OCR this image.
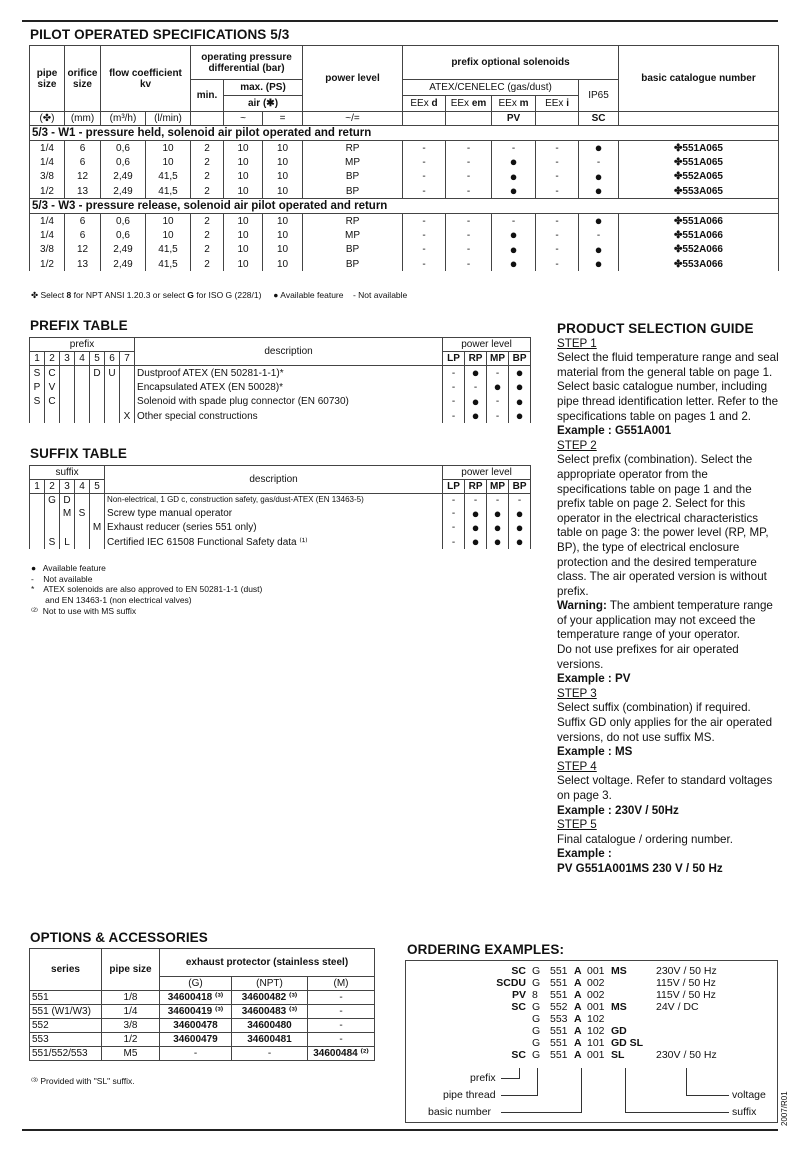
PILOT OPERATED SPECIFICATIONS 5/3
pipe size	orifice size	flow coefficient kv		operating pressure differential (bar)			power level	prefix optional solenoids					basic catalogue number
				min.	max. (PS)			ATEX/CENELEC (gas/dust)				IP65	
					air (✱)			EEx d	EEx em	EEx m	EEx i		
(✤)	(mm)	(m³/h)	(l/min)		~	=	~/=			PV		SC	
5/3 - W1 - pressure held, solenoid air pilot operated and return													
1/4	6	0,6	10	2	10	10	RP	-	-	-	-	●	✤551A065
1/4	6	0,6	10	2	10	10	MP	-	-	●	-	-	✤551A065
3/8	12	2,49	41,5	2	10	10	BP	-	-	●	-	●	✤552A065
1/2	13	2,49	41,5	2	10	10	BP	-	-	●	-	●	✤553A065
5/3 - W3 - pressure release, solenoid air pilot operated and return													
1/4	6	0,6	10	2	10	10	RP	-	-	-	-	●	✤551A066
1/4	6	0,6	10	2	10	10	MP	-	-	●	-	-	✤551A066
3/8	12	2,49	41,5	2	10	10	BP	-	-	●	-	●	✤552A066
1/2	13	2,49	41,5	2	10	10	BP	-	-	●	-	●	✤553A066
✤ Select 8 for NPT ANSI 1.20.3 or select G for ISO G (228/1) ● Available feature - Not available
PREFIX TABLE
prefix							description	power level			
1	2	3	4	5	6	7		LP	RP	MP	BP
S	C			D	U		Dustproof ATEX (EN 50281-1-1)*	-	●	-	●
P	V						Encapsulated ATEX (EN 50028)*	-	-	●	●
S	C						Solenoid with spade plug connector (EN 60730)	-	●	-	●
						X	Other special constructions	-	●	-	●
SUFFIX TABLE
suffix					description	power level			
1	2	3	4	5		LP	RP	MP	BP
	G	D			Non-electrical, 1 GD c, construction safety, gas/dust-ATEX (EN 13463-5)	-	-	-	-
		M	S		Screw type manual operator	-	●	●	●
				M	Exhaust reducer (series 551 only)	-	●	●	●
	S	L			Certified IEC 61508 Functional Safety data ⁽¹⁾	-	●	●	●
●   Available feature
-    Not available
*    ATEX solenoids are also approved to EN 50281-1-1 (dust)
and EN 13463-1 (non electrical valves)
⁽²⁾  Not to use with MS suffix
PRODUCT SELECTION GUIDE

STEP 1

Select the fluid temperature range and seal material from the general table on page 1. Select basic catalogue number, including pipe thread identification letter. Refer to the specifications table on pages 1 and 2.

Example : G551A001

STEP 2

Select prefix (combination). Select the appropriate operator from the specifications table on page 1 and the prefix table on page 2. Select for this operator in the electrical characteristics table on page 3: the power level (RP, MP, BP), the type of electrical enclosure protection and the desired temperature class. The air operated version is without prefix.

Warning: The ambient temperature range of your application may not exceed the temperature range of your operator.

Do not use prefixes for air operated versions.

Example : PV

STEP 3

Select suffix (combination) if required. Suffix GD only applies for the air operated versions, do not use suffix MS.

Example : MS

STEP 4

Select voltage. Refer to standard voltages on page 3.

Example : 230V / 50Hz

STEP 5

Final catalogue / ordering number.

Example :

PV G551A001MS 230 V / 50 Hz

OPTIONS & ACCESSORIES
series	pipe size	exhaust protector (stainless steel)		
		(G)	(NPT)	(M)
551	1/8	34600418 ⁽³⁾	34600482 ⁽³⁾	-
551 (W1/W3)	1/4	34600419 ⁽³⁾	34600483 ⁽³⁾	-
552	3/8	34600478	34600480	-
553	1/2	34600479	34600481	-
551/552/553	M5	-	-	34600484 ⁽²⁾
⁽³⁾ Provided with "SL" suffix.
ORDERING EXAMPLES:
SC G 551 A 001 MS	230V / 50 Hz
SCDU G 551 A 002	115V / 50 Hz
PV 8 551 A 002	115V / 50 Hz
SC G 552 A 001 MS	24V / DC
G 553 A 102
G 551 A 102 GD
G 551 A 101 GD SL
SC G 551 A 001 SL	230V / 50 Hz
prefix
pipe thread
basic number
voltage
suffix	2007/R01
